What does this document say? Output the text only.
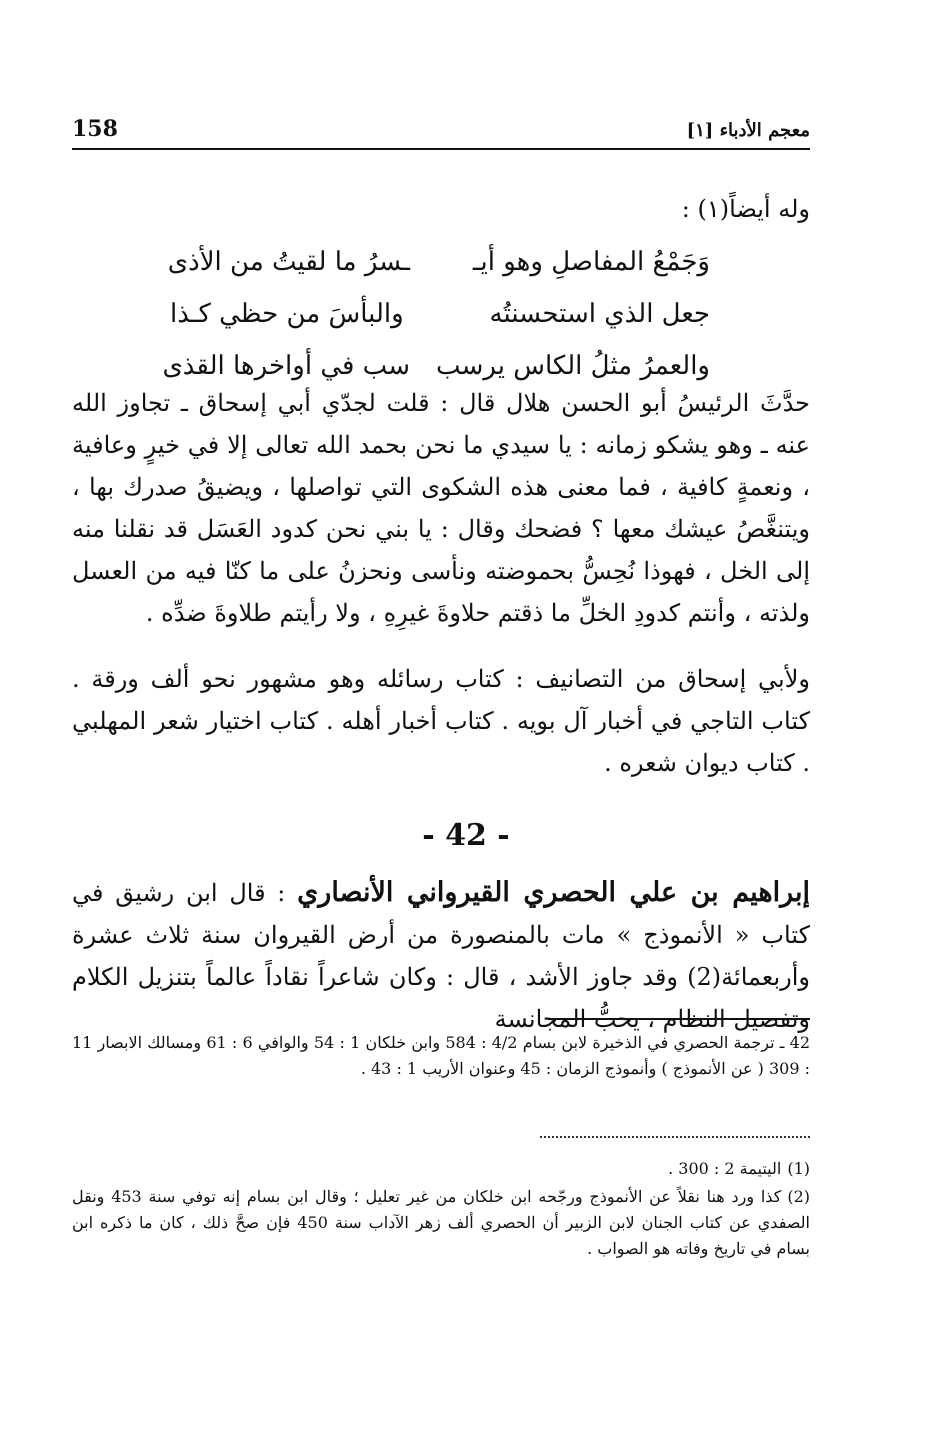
معجم الأدباء [١]
158
وله أيضاً(١) :
وَجَمْعُ المفاصلِ وهو أيـ
ـسرُ ما لقيتُ من الأذى
جعل الذي استحسنتُه
والبأسَ من حظي كـذا
والعمرُ مثلُ الكاس يرسب
سب في أواخرها القذى
حدَّثَ الرئيسُ أبو الحسن هلال قال : قلت لجدّي أبي إسحاق ـ تجاوز الله عنه ـ وهو يشكو زمانه : يا سيدي ما نحن بحمد الله تعالى إلا في خيرٍ وعافية ، ونعمةٍ كافية ، فما معنى هذه الشكوى التي تواصلها ، ويضيقُ صدرك بها ، ويتنغَّصُ عيشك معها ؟ فضحك وقال : يا بني نحن كدود العَسَل قد نقلنا منه إلى الخل ، فهوذا نُحِسُّ بحموضته ونأسى ونحزنُ على ما كنّا فيه من العسل ولذته ، وأنتم كدودِ الخلِّ ما ذقتم حلاوةَ غيرِهِ ، ولا رأيتم طلاوةَ ضدِّه .
ولأبي إسحاق من التصانيف : كتاب رسائله وهو مشهور نحو ألف ورقة . كتاب التاجي في أخبار آل بويه . كتاب أخبار أهله . كتاب اختيار شعر المهلبي . كتاب ديوان شعره .
- 42 -
إبراهيم بن علي الحصري القيرواني الأنصاري : قال ابن رشيق في كتاب « الأنموذج » مات بالمنصورة من أرض القيروان سنة ثلاث عشرة وأربعمائة(2) وقد جاوز الأشد ، قال : وكان شاعراً نقاداً عالماً بتنزيل الكلام وتفصيل النظام ، يحبُّ المجانسة
42 ـ ترجمة الحصري في الذخيرة لابن بسام 4/2 : 584 وابن خلكان 1 : 54 والوافي 6 : 61 ومسالك الابصار 11 : 309 ( عن الأنموذج ) وأنموذج الزمان : 45 وعنوان الأريب 1 : 43 .
(1)اليتيمة 2 : 300 .
(2)كذا ورد هنا نقلاً عن الأنموذج ورجّحه ابن خلكان من غير تعليل ؛ وقال ابن بسام إنه توفي سنة 453 ونقل الصفدي عن كتاب الجنان لابن الزبير أن الحصري ألف زهر الآداب سنة 450 فإن صحَّ ذلك ، كان ما ذكره ابن بسام في تاريخ وفاته هو الصواب .
